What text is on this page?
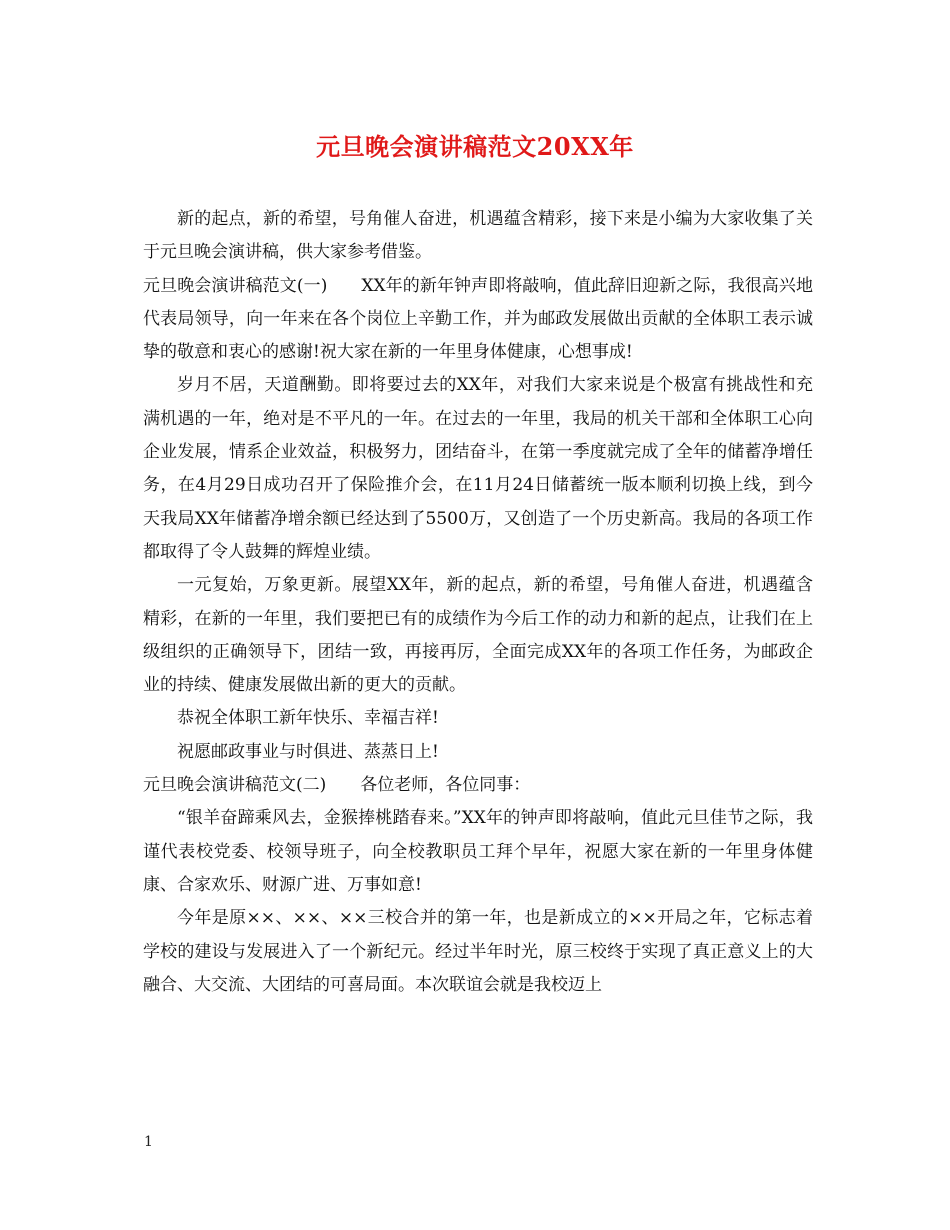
元旦晚会演讲稿范文20XX年

新的起点，新的希望，号角催人奋进，机遇蕴含精彩，接下来是小编为大家收集了关于元旦晚会演讲稿，供大家参考借鉴。

元旦晚会演讲稿范文(一) XX年的新年钟声即将敲响，值此辞旧迎新之际，我很高兴地代表局领导，向一年来在各个岗位上辛勤工作，并为邮政发展做出贡献的全体职工表示诚挚的敬意和衷心的感谢!祝大家在新的一年里身体健康，心想事成!

岁月不居，天道酬勤。即将要过去的XX年，对我们大家来说是个极富有挑战性和充满机遇的一年，绝对是不平凡的一年。在过去的一年里，我局的机关干部和全体职工心向企业发展，情系企业效益，积极努力，团结奋斗，在第一季度就完成了全年的储蓄净增任务，在4月29日成功召开了保险推介会，在11月24日储蓄统一版本顺利切换上线，到今天我局XX年储蓄净增余额已经达到了5500万，又创造了一个历史新高。我局的各项工作都取得了令人鼓舞的辉煌业绩。

一元复始，万象更新。展望XX年，新的起点，新的希望，号角催人奋进，机遇蕴含精彩，在新的一年里，我们要把已有的成绩作为今后工作的动力和新的起点，让我们在上级组织的正确领导下，团结一致，再接再厉，全面完成XX年的各项工作任务，为邮政企业的持续、健康发展做出新的更大的贡献。

恭祝全体职工新年快乐、幸福吉祥!

祝愿邮政事业与时俱进、蒸蒸日上!

元旦晚会演讲稿范文(二) 各位老师，各位同事：

“银羊奋蹄乘风去，金猴捧桃踏春来。”XX年的钟声即将敲响，值此元旦佳节之际，我谨代表校党委、校领导班子，向全校教职员工拜个早年，祝愿大家在新的一年里身体健康、合家欢乐、财源广进、万事如意!

今年是原××、××、××三校合并的第一年，也是新成立的××开局之年，它标志着学校的建设与发展进入了一个新纪元。经过半年时光，原三校终于实现了真正意义上的大融合、大交流、大团结的可喜局面。本次联谊会就是我校迈上

1
